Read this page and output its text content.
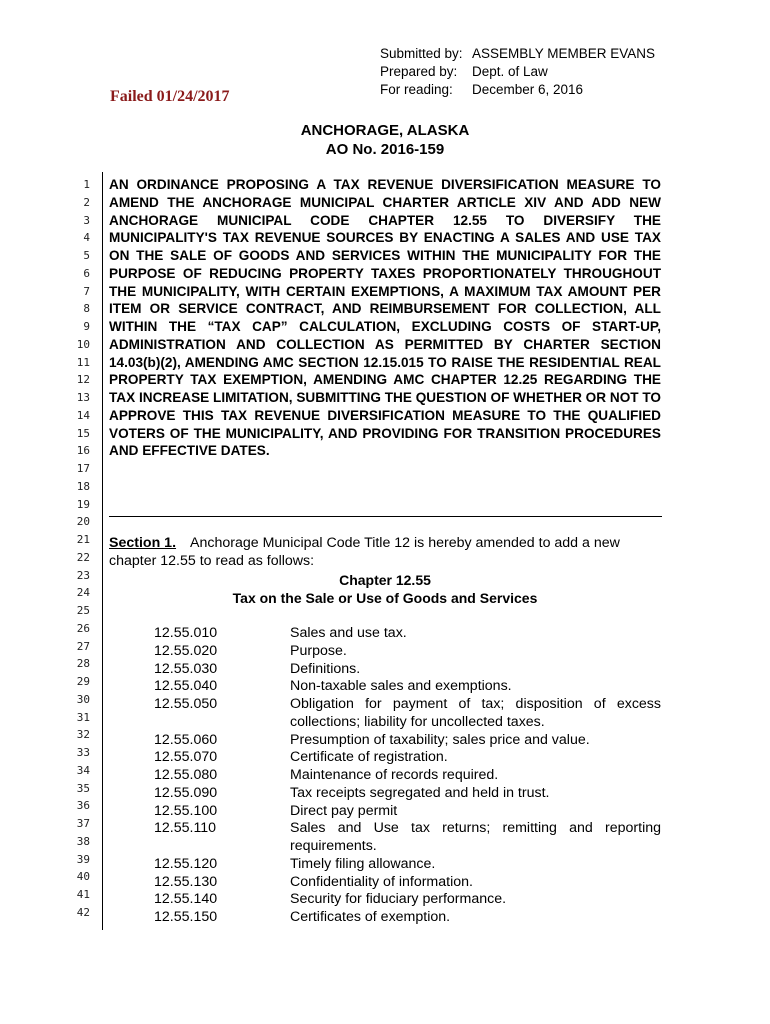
Failed 01/24/2017
Submitted by: ASSEMBLY MEMBER EVANS
Prepared by:	Dept. of Law
For reading:	December 6, 2016
ANCHORAGE, ALASKA
AO No. 2016-159
1
2
3
4
5
6
7
8
9
10
11
12
13
14
15
16
17
18
19
20
21
22
23
24
25
26
27
28
29
30
31
32
33
34
35
36
37
38
39
40
41
42
AN ORDINANCE PROPOSING A TAX REVENUE DIVERSIFICATION MEASURE TO AMEND THE ANCHORAGE MUNICIPAL CHARTER ARTICLE XIV AND ADD NEW ANCHORAGE MUNICIPAL CODE CHAPTER 12.55 TO DIVERSIFY THE MUNICIPALITY'S TAX REVENUE SOURCES BY ENACTING A SALES AND USE TAX ON THE SALE OF GOODS AND SERVICES WITHIN THE MUNICIPALITY FOR THE PURPOSE OF REDUCING PROPERTY TAXES PROPORTIONATELY THROUGHOUT THE MUNICIPALITY, WITH CERTAIN EXEMPTIONS, A MAXIMUM TAX AMOUNT PER ITEM OR SERVICE CONTRACT, AND REIMBURSEMENT FOR COLLECTION, ALL WITHIN THE “TAX CAP” CALCULATION, EXCLUDING COSTS OF START-UP, ADMINISTRATION AND COLLECTION AS PERMITTED BY CHARTER SECTION 14.03(b)(2), AMENDING AMC SECTION 12.15.015 TO RAISE THE RESIDENTIAL REAL PROPERTY TAX EXEMPTION, AMENDING AMC CHAPTER 12.25 REGARDING THE TAX INCREASE LIMITATION, SUBMITTING THE QUESTION OF WHETHER OR NOT TO APPROVE THIS TAX REVENUE DIVERSIFICATION MEASURE TO THE QUALIFIED VOTERS OF THE MUNICIPALITY, AND PROVIDING FOR TRANSITION PROCEDURES AND EFFECTIVE DATES.
Section 1. Anchorage Municipal Code Title 12 is hereby amended to add a new chapter 12.55 to read as follows:
Chapter 12.55
Tax on the Sale or Use of Goods and Services
12.55.010	Sales and use tax.
12.55.020	Purpose.
12.55.030	Definitions.
12.55.040	Non-taxable sales and exemptions.
12.55.050	Obligation for payment of tax; disposition of excess collections; liability for uncollected taxes.
12.55.060	Presumption of taxability; sales price and value.
12.55.070	Certificate of registration.
12.55.080	Maintenance of records required.
12.55.090	Tax receipts segregated and held in trust.
12.55.100	Direct pay permit
12.55.110	Sales and Use tax returns; remitting and reporting requirements.
12.55.120	Timely filing allowance.
12.55.130	Confidentiality of information.
12.55.140	Security for fiduciary performance.
12.55.150	Certificates of exemption.
